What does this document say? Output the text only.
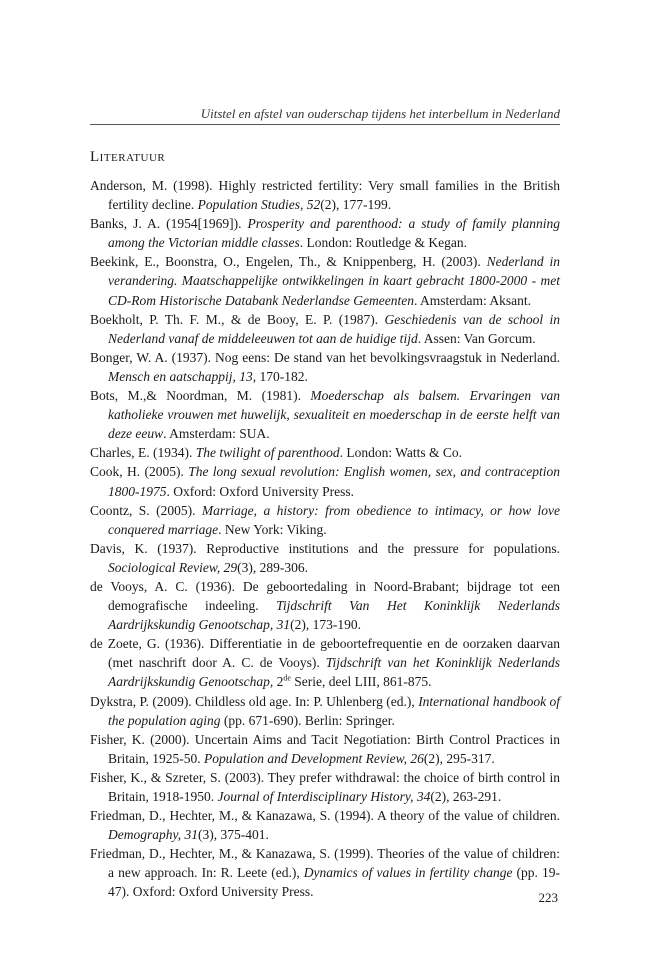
Uitstel en afstel van ouderschap tijdens het interbellum in Nederland
Literatuur

Anderson, M. (1998). Highly restricted fertility: Very small families in the British fertility decline. Population Studies, 52(2), 177-199.

Banks, J. A. (1954[1969]). Prosperity and parenthood: a study of family planning among the Victorian middle classes. London: Routledge & Kegan.

Beekink, E., Boonstra, O., Engelen, Th., & Knippenberg, H. (2003). Nederland in verandering. Maatschappelijke ontwikkelingen in kaart gebracht 1800-2000 - met CD-Rom Historische Databank Nederlandse Gemeenten. Amsterdam: Aksant.

Boekholt, P. Th. F. M., & de Booy, E. P. (1987). Geschiedenis van de school in Nederland vanaf de middeleeuwen tot aan de huidige tijd. Assen: Van Gorcum.

Bonger, W. A. (1937). Nog eens: De stand van het bevolkingsvraagstuk in Nederland. Mensch en aatschappij, 13, 170-182.

Bots, M.,& Noordman, M. (1981). Moederschap als balsem. Ervaringen van katholieke vrouwen met huwelijk, sexualiteit en moederschap in de eerste helft van deze eeuw. Amsterdam: SUA.

Charles, E. (1934). The twilight of parenthood. London: Watts & Co.

Cook, H. (2005). The long sexual revolution: English women, sex, and contraception 1800-1975. Oxford: Oxford University Press.

Coontz, S. (2005). Marriage, a history: from obedience to intimacy, or how love conquered marriage. New York: Viking.

Davis, K. (1937). Reproductive institutions and the pressure for populations. Sociological Review, 29(3), 289-306.

de Vooys, A. C. (1936). De geboortedaling in Noord-Brabant; bijdrage tot een demografische indeeling. Tijdschrift Van Het Koninklijk Nederlands Aardrijkskundig Genootschap, 31(2), 173-190.

de Zoete, G. (1936). Differentiatie in de geboortefrequentie en de oorzaken daarvan (met naschrift door A. C. de Vooys). Tijdschrift van het Koninklijk Nederlands Aardrijkskundig Genootschap, 2de Serie, deel LIII, 861-875.

Dykstra, P. (2009). Childless old age. In: P. Uhlenberg (ed.), International handbook of the population aging (pp. 671-690). Berlin: Springer.

Fisher, K. (2000). Uncertain Aims and Tacit Negotiation: Birth Control Practices in Britain, 1925-50. Population and Development Review, 26(2), 295-317.

Fisher, K., & Szreter, S. (2003). They prefer withdrawal: the choice of birth control in Britain, 1918-1950. Journal of Interdisciplinary History, 34(2), 263-291.

Friedman, D., Hechter, M., & Kanazawa, S. (1994). A theory of the value of children. Demography, 31(3), 375-401.

Friedman, D., Hechter, M., & Kanazawa, S. (1999). Theories of the value of children: a new approach. In: R. Leete (ed.), Dynamics of values in fertility change (pp. 19-47). Oxford: Oxford University Press.	223
